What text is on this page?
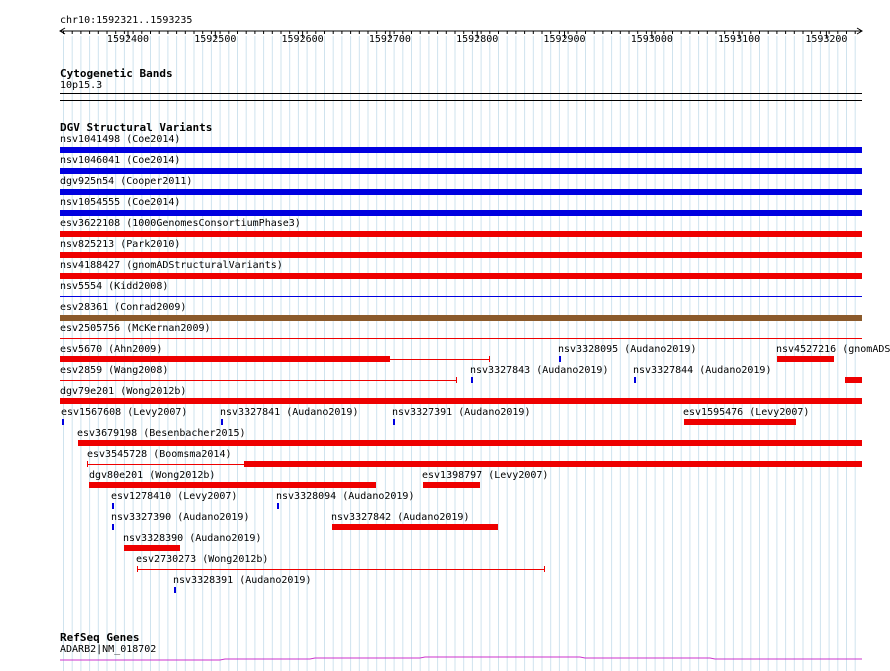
chr10:1592321..1593235
1592400	1592500	1592600	1592700	1592800	1592900	1593000	1593100	1593200
Cytogenetic Bands
10p15.3
DGV Structural Variants
nsv1041498 (Coe2014)
nsv1046041 (Coe2014)
dgv925n54 (Cooper2011)
nsv1054555 (Coe2014)
esv3622108 (1000GenomesConsortiumPhase3)
nsv825213 (Park2010)
nsv4188427 (gnomADStructuralVariants)
nsv5554 (Kidd2008)
esv28361 (Conrad2009)
esv2505756 (McKernan2009)
esv5670 (Ahn2009)	nsv3328095 (Audano2019)	nsv4527216 (gnomADS
esv2859 (Wang2008)	nsv3327843 (Audano2019) nsv3327844 (Audano2019)
dgv79e201 (Wong2012b)
esv1567608 (Levy2007)	nsv3327841 (Audano2019)	nsv3327391 (Audano2019)	esv1595476 (Levy2007)
esv3679198 (Besenbacher2015)
esv3545728 (Boomsma2014)
dgv80e201 (Wong2012b)	esv1398797 (Levy2007)
esv1278410 (Levy2007)	nsv3328094 (Audano2019)
nsv3327390 (Audano2019)	nsv3327842 (Audano2019)
nsv3328390 (Audano2019)
esv2730273 (Wong2012b)
nsv3328391 (Audano2019)
RefSeq Genes
ADARB2|NM_018702
